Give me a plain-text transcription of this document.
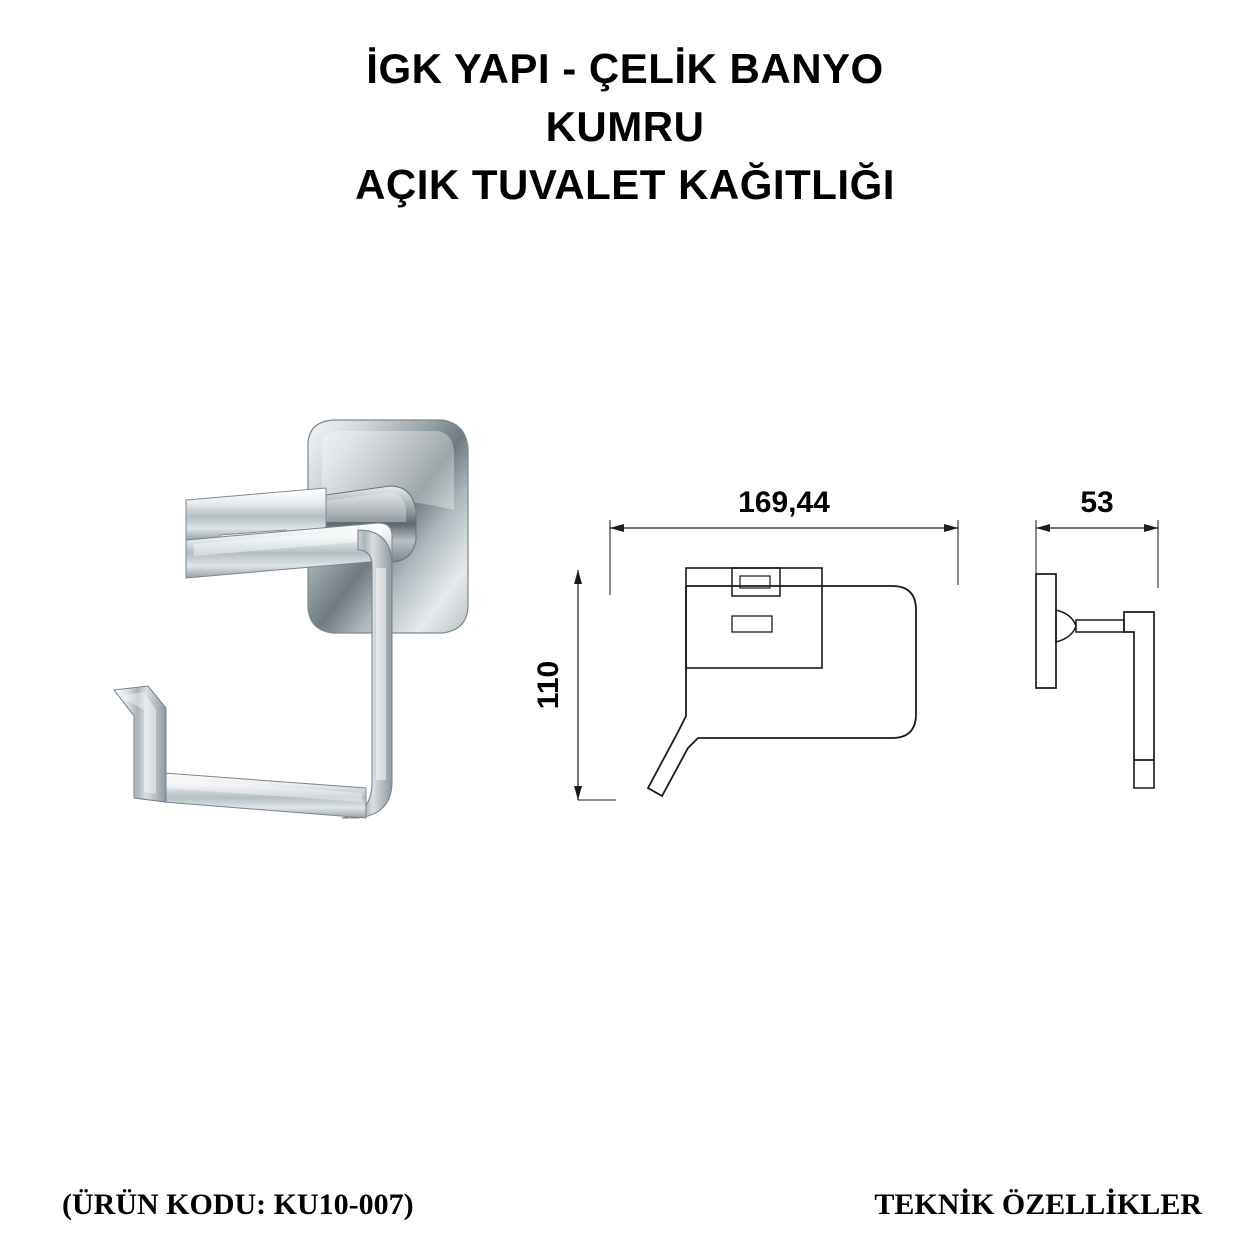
İGK YAPI - ÇELİK BANYO
KUMRU
AÇIK TUVALET KAĞITLIĞI
169,44
110
53
(ÜRÜN KODU: KU10-007)	TEKNİK ÖZELLİKLER
